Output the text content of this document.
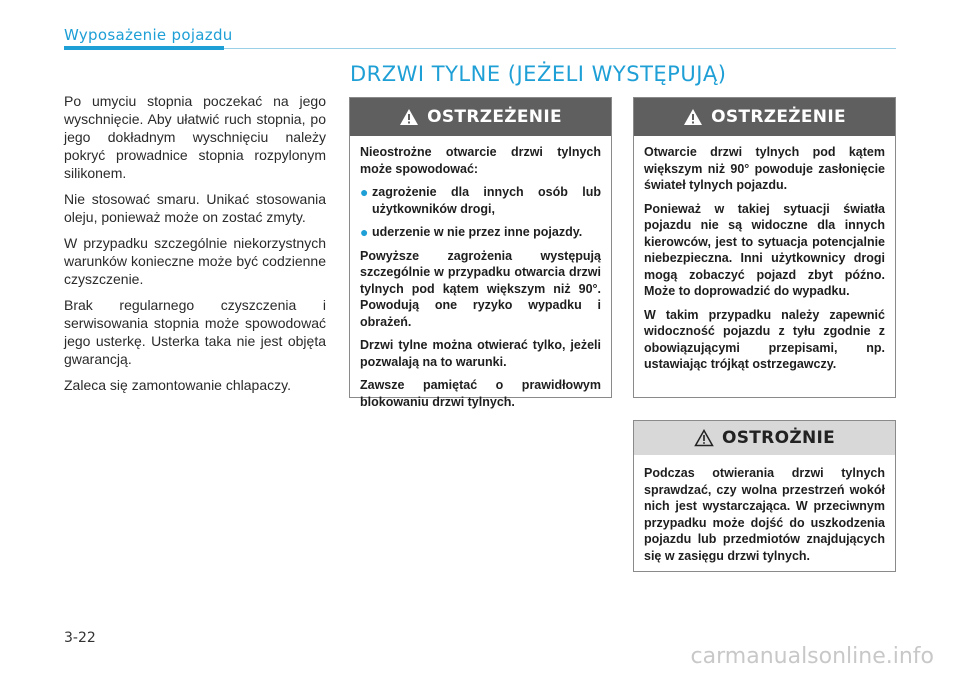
Wyposażenie pojazdu
DRZWI TYLNE (JEŻELI WYSTĘPUJĄ)

Po umyciu stopnia poczekać na jego wyschnięcie. Aby ułatwić ruch stopnia, po jego dokładnym wyschnięciu należy pokryć prowadnice stopnia rozpylonym silikonem.

Nie stosować smaru. Unikać stosowania oleju, ponieważ może on zostać zmyty.

W przypadku szczególnie niekorzystnych warunków konieczne może być codzienne czyszczenie.

Brak regularnego czyszczenia i serwisowania stopnia może spowodować jego usterkę. Usterka taka nie jest objęta gwarancją.

Zaleca się zamontowanie chlapaczy.

OSTRZEŻENIE

Nieostrożne otwarcie drzwi tylnych może spowodować:

● zagrożenie dla innych osób lub użytkowników drogi,
● uderzenie w nie przez inne pojazdy.

Powyższe zagrożenia występują szczególnie w przypadku otwarcia drzwi tylnych pod kątem większym niż 90°. Powodują one ryzyko wypadku i obrażeń.

Drzwi tylne można otwierać tylko, jeżeli pozwalają na to warunki.

Zawsze pamiętać o prawidłowym blokowaniu drzwi tylnych.

OSTRZEŻENIE

Otwarcie drzwi tylnych pod kątem większym niż 90° powoduje zasłonięcie świateł tylnych pojazdu.

Ponieważ w takiej sytuacji światła pojazdu nie są widoczne dla innych kierowców, jest to sytuacja potencjalnie niebezpieczna. Inni użytkownicy drogi mogą zobaczyć pojazd zbyt późno. Może to doprowadzić do wypadku.

W takim przypadku należy zapewnić widoczność pojazdu z tyłu zgodnie z obowiązującymi przepisami, np. ustawiając trójkąt ostrzegawczy.

OSTROŻNIE

Podczas otwierania drzwi tylnych sprawdzać, czy wolna przestrzeń wokół nich jest wystarczająca. W przeciwnym przypadku może dojść do uszkodzenia pojazdu lub przedmiotów znajdujących się w zasięgu drzwi tylnych.

3-22
carmanualsonline.info
